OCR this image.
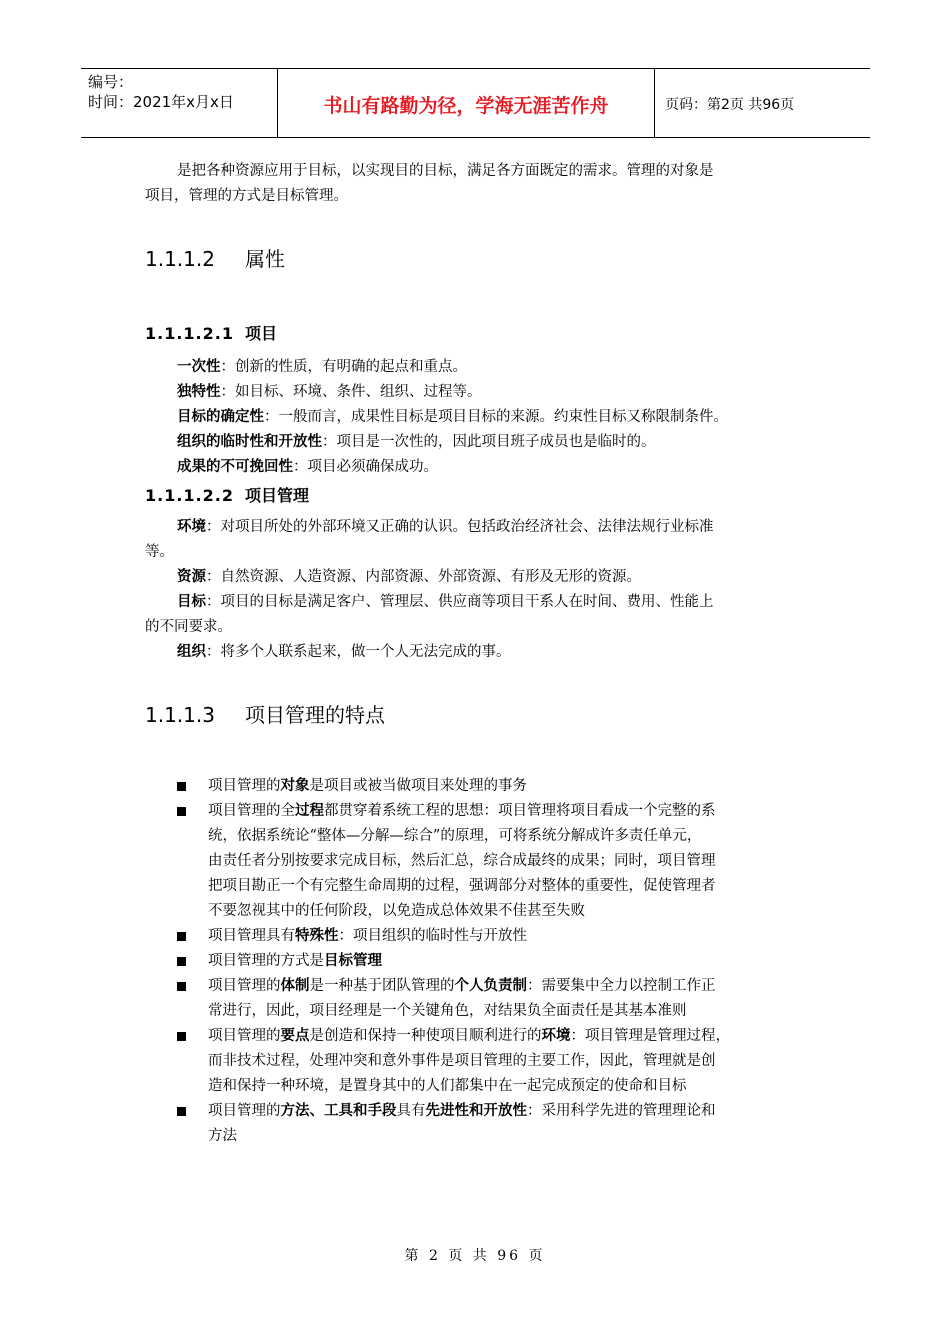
编号：
时间：2021年x月x日	书山有路勤为径，学海无涯苦作舟	页码：第2页 共96页
是把各种资源应用于目标，以实现目的目标，满足各方面既定的需求。管理的对象是
项目，管理的方式是目标管理。
1.1.1.2 属性
1.1.1.2.1 项目
一次性：创新的性质，有明确的起点和重点。
独特性：如目标、环境、条件、组织、过程等。
目标的确定性：一般而言，成果性目标是项目目标的来源。约束性目标又称限制条件。
组织的临时性和开放性：项目是一次性的，因此项目班子成员也是临时的。
成果的不可挽回性：项目必须确保成功。
1.1.1.2.2 项目管理
环境：对项目所处的外部环境又正确的认识。包括政治经济社会、法律法规行业标准
等。
资源：自然资源、人造资源、内部资源、外部资源、有形及无形的资源。
目标：项目的目标是满足客户、管理层、供应商等项目干系人在时间、费用、性能上
的不同要求。
组织：将多个人联系起来，做一个人无法完成的事。
1.1.1.3 项目管理的特点
项目管理的对象是项目或被当做项目来处理的事务
项目管理的全过程都贯穿着系统工程的思想：项目管理将项目看成一个完整的系
统，依据系统论“整体—分解—综合”的原理，可将系统分解成许多责任单元，
由责任者分别按要求完成目标，然后汇总，综合成最终的成果；同时，项目管理
把项目勘正一个有完整生命周期的过程，强调部分对整体的重要性，促使管理者
不要忽视其中的任何阶段，以免造成总体效果不佳甚至失败
项目管理具有特殊性：项目组织的临时性与开放性
项目管理的方式是目标管理
项目管理的体制是一种基于团队管理的个人负责制：需要集中全力以控制工作正
常进行，因此，项目经理是一个关键角色，对结果负全面责任是其基本准则
项目管理的要点是创造和保持一种使项目顺利进行的环境：项目管理是管理过程，
而非技术过程，处理冲突和意外事件是项目管理的主要工作，因此，管理就是创
造和保持一种环境，是置身其中的人们都集中在一起完成预定的使命和目标
项目管理的方法、工具和手段具有先进性和开放性：采用科学先进的管理理论和
方法
第 2 页 共 96 页
